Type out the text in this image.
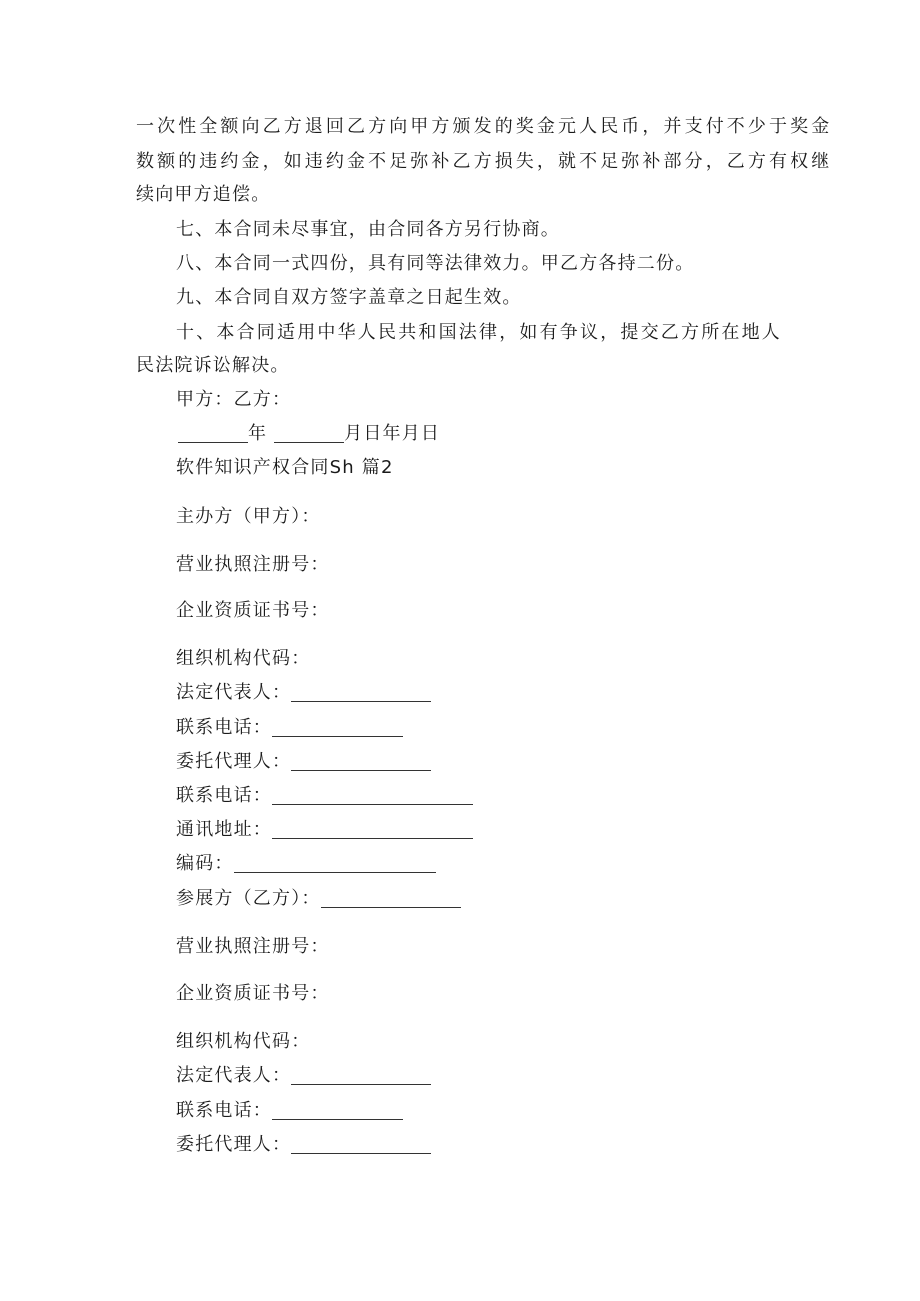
一次性全额向乙方退回乙方向甲方颁发的奖金元人民币，并支付不少于奖金
数额的违约金，如违约金不足弥补乙方损失，就不足弥补部分，乙方有权继
续向甲方追偿。
七、本合同未尽事宜，由合同各方另行协商。
八、本合同一式四份，具有同等法律效力。甲乙方各持二份。
九、本合同自双方签字盖章之日起生效。
十、本合同适用中华人民共和国法律，如有争议，提交乙方所在地人
民法院诉讼解决。
甲方：乙方：
年	月日年月日
软件知识产权合同Sh 篇2
主办方（甲方）：
营业执照注册号：
企业资质证书号：
组织机构代码：
法定代表人：
联系电话：
委托代理人：
联系电话：
通讯地址：
编码：
参展方（乙方）：
营业执照注册号：
企业资质证书号：
组织机构代码：
法定代表人：
联系电话：
委托代理人：
